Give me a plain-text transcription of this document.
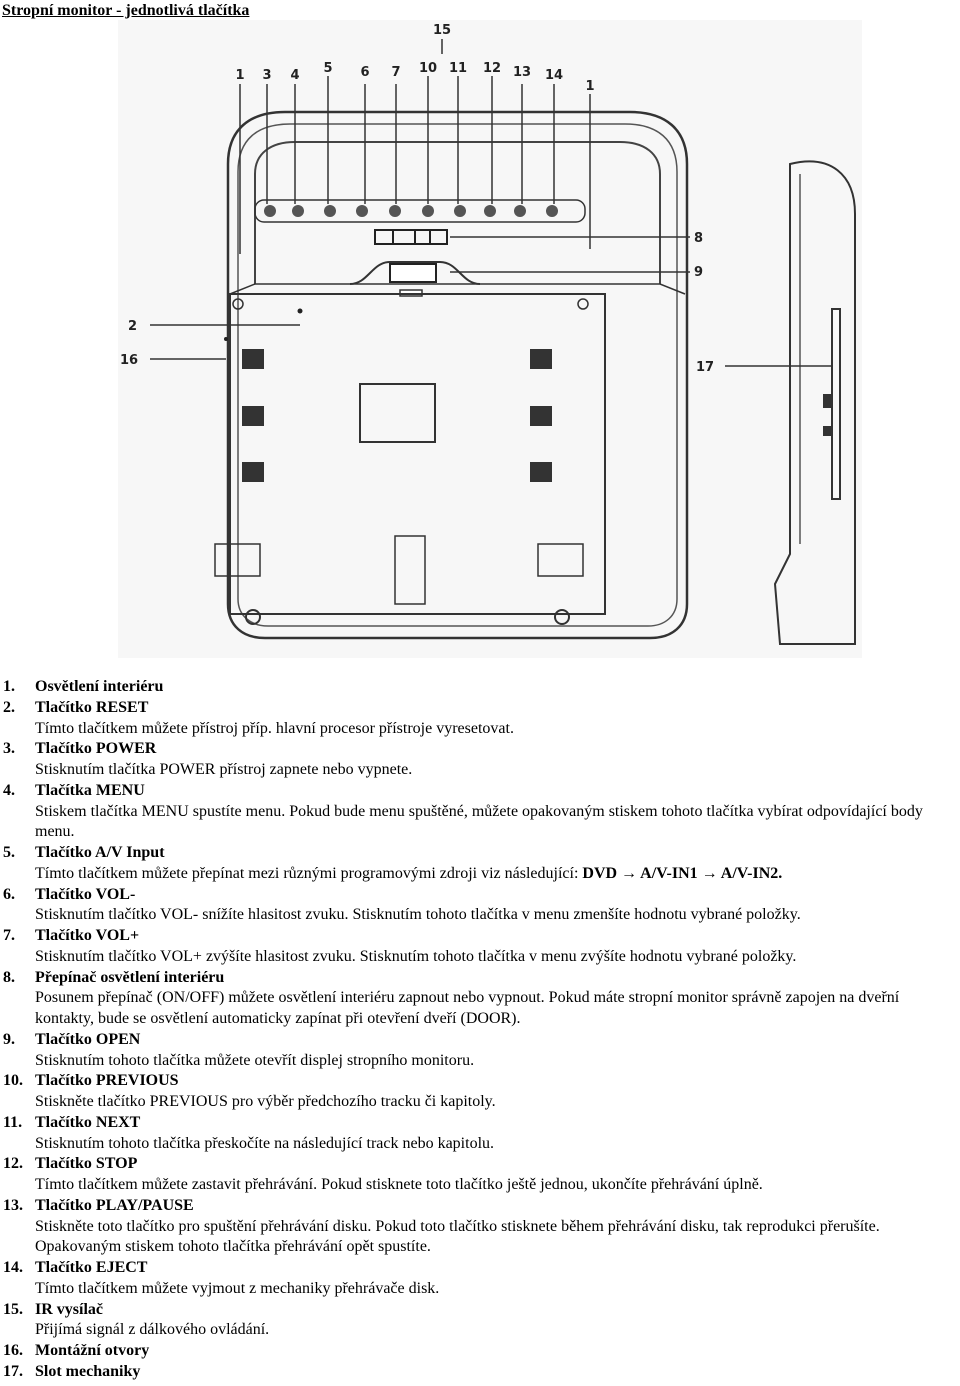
Stropní monitor - jednotlivá tlačítka
15
1 3 4 5 6 7 10 11 12 13 14
1
8
9
17
2
16
1. Osvětlení interiéru
2. Tlačítko RESET
Tímto tlačítkem můžete přístroj příp. hlavní procesor přístroje vyresetovat.
3. Tlačítko POWER
Stisknutím tlačítka POWER přístroj zapnete nebo vypnete.
4. Tlačítka MENU
Stiskem tlačítka MENU spustíte menu. Pokud bude menu spuštěné, můžete opakovaným stiskem tohoto tlačítka vybírat odpovídající body menu.
5. Tlačítko A/V Input
Tímto tlačítkem můžete přepínat mezi různými programovými zdroji viz následující: DVD → A/V-IN1 → A/V-IN2.
6. Tlačítko VOL-
Stisknutím tlačítko VOL- snížíte hlasitost zvuku. Stisknutím tohoto tlačítka v menu zmenšíte hodnotu vybrané položky.
7. Tlačítko VOL+
Stisknutím tlačítko VOL+ zvýšíte hlasitost zvuku. Stisknutím tohoto tlačítka v menu zvýšíte hodnotu vybrané položky.
8. Přepínač osvětlení interiéru
Posunem přepínač (ON/OFF) můžete osvětlení interiéru zapnout nebo vypnout. Pokud máte stropní monitor správně zapojen na dveřní kontakty, bude se osvětlení automaticky zapínat při otevření dveří (DOOR).
9. Tlačítko OPEN
Stisknutím tohoto tlačítka můžete otevřít displej stropního monitoru.
10. Tlačítko PREVIOUS
Stiskněte tlačítko PREVIOUS pro výběr předchozího tracku či kapitoly.
11. Tlačítko NEXT
Stisknutím tohoto tlačítka přeskočíte na následující track nebo kapitolu.
12. Tlačítko STOP
Tímto tlačítkem můžete zastavit přehrávání. Pokud stisknete toto tlačítko ještě jednou, ukončíte přehrávání úplně.
13. Tlačítko PLAY/PAUSE
Stiskněte toto tlačítko pro spuštění přehrávání disku. Pokud toto tlačítko stisknete během přehrávání disku, tak reprodukci přerušíte. Opakovaným stiskem tohoto tlačítka přehrávání opět spustíte.
14. Tlačítko EJECT
Tímto tlačítkem můžete vyjmout z mechaniky přehrávače disk.
15. IR vysílač
Přijímá signál z dálkového ovládání.
16. Montážní otvory
17. Slot mechaniky
